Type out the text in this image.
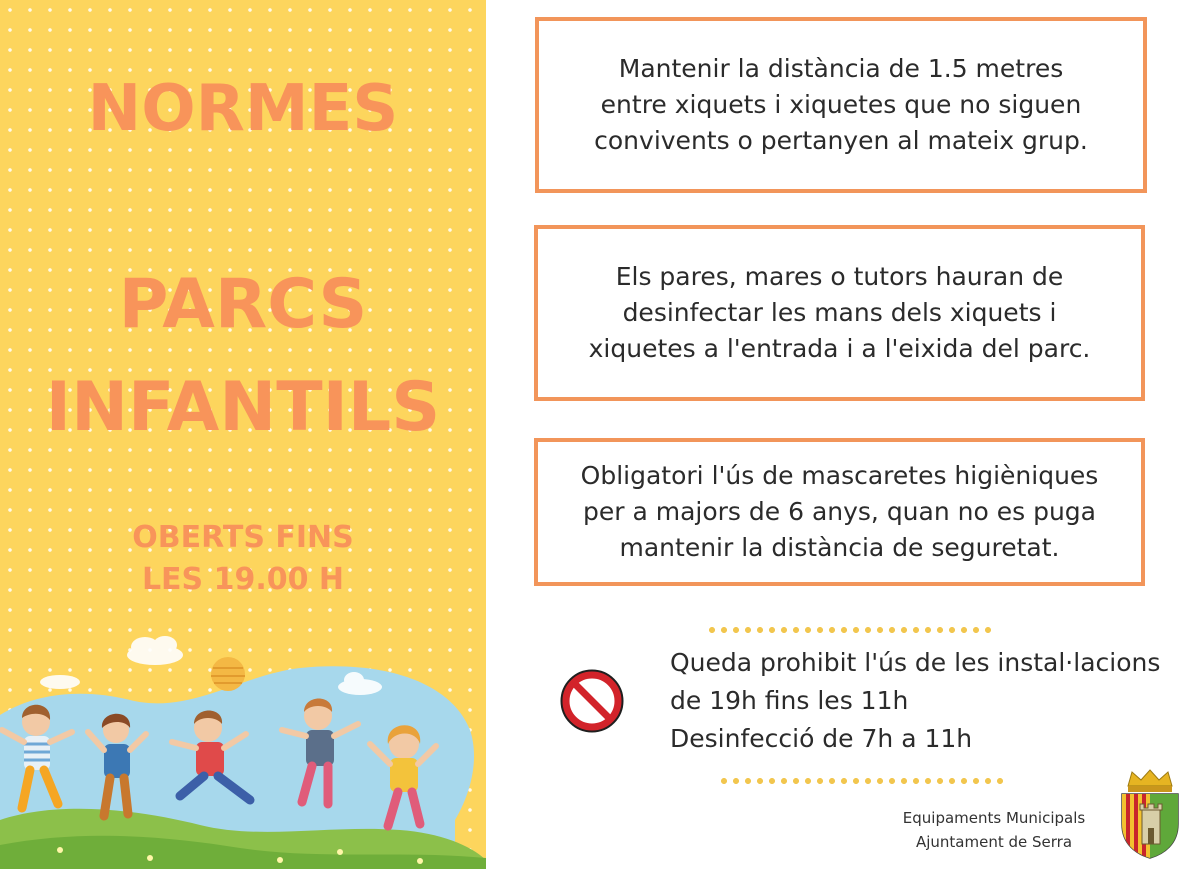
NORMES
PARCS
INFANTILS
OBERTS FINS
LES 19.00 H
Mantenir la distància de 1.5 metres
entre xiquets i xiquetes que no siguen
convivents o pertanyen al mateix grup.
Els pares, mares o tutors hauran de
desinfectar les mans dels xiquets i
xiquetes a l'entrada i a l'eixida del parc.
Obligatori l'ús de mascaretes higièniques
per a majors de 6 anys, quan no es puga
mantenir la distància de seguretat.
Queda prohibit l'ús de les instal·lacions
de 19h fins les 11h
Desinfecció de 7h a 11h
Equipaments Municipals
Ajuntament de Serra
